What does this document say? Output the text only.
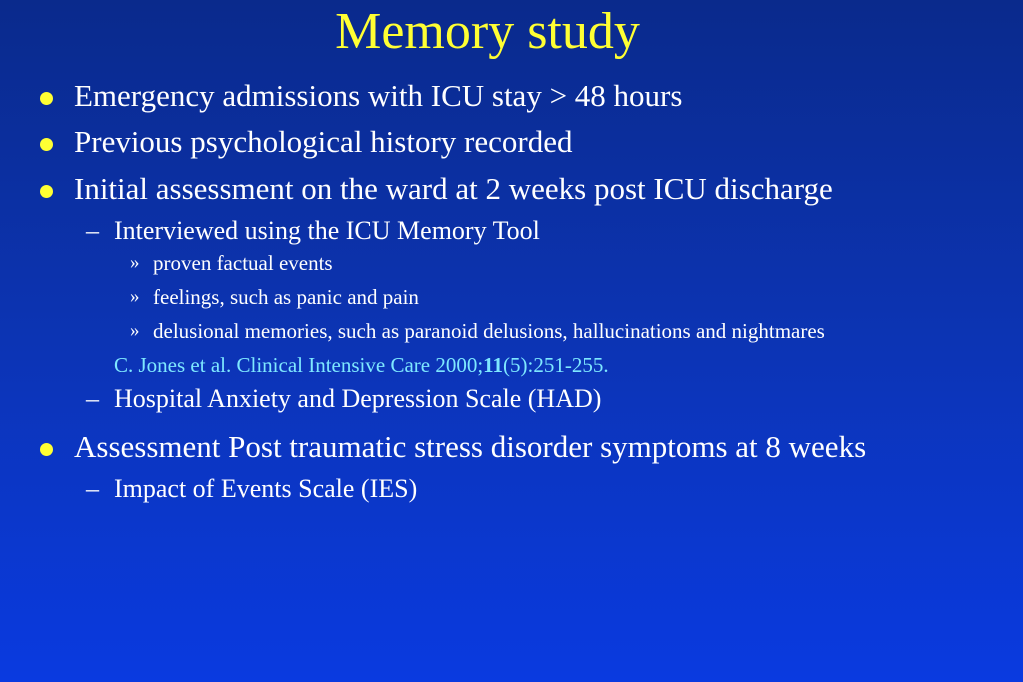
Memory study
Emergency admissions with ICU stay > 48 hours
Previous psychological history recorded
Initial assessment on the ward at 2 weeks post ICU discharge
– Interviewed using the ICU Memory Tool
» proven factual events
» feelings, such as panic and pain
» delusional memories, such as paranoid delusions, hallucinations and nightmares
C. Jones et al. Clinical Intensive Care 2000;11(5):251-255.
– Hospital Anxiety and Depression Scale (HAD)
Assessment Post traumatic stress disorder symptoms at 8 weeks
– Impact of Events Scale (IES)
